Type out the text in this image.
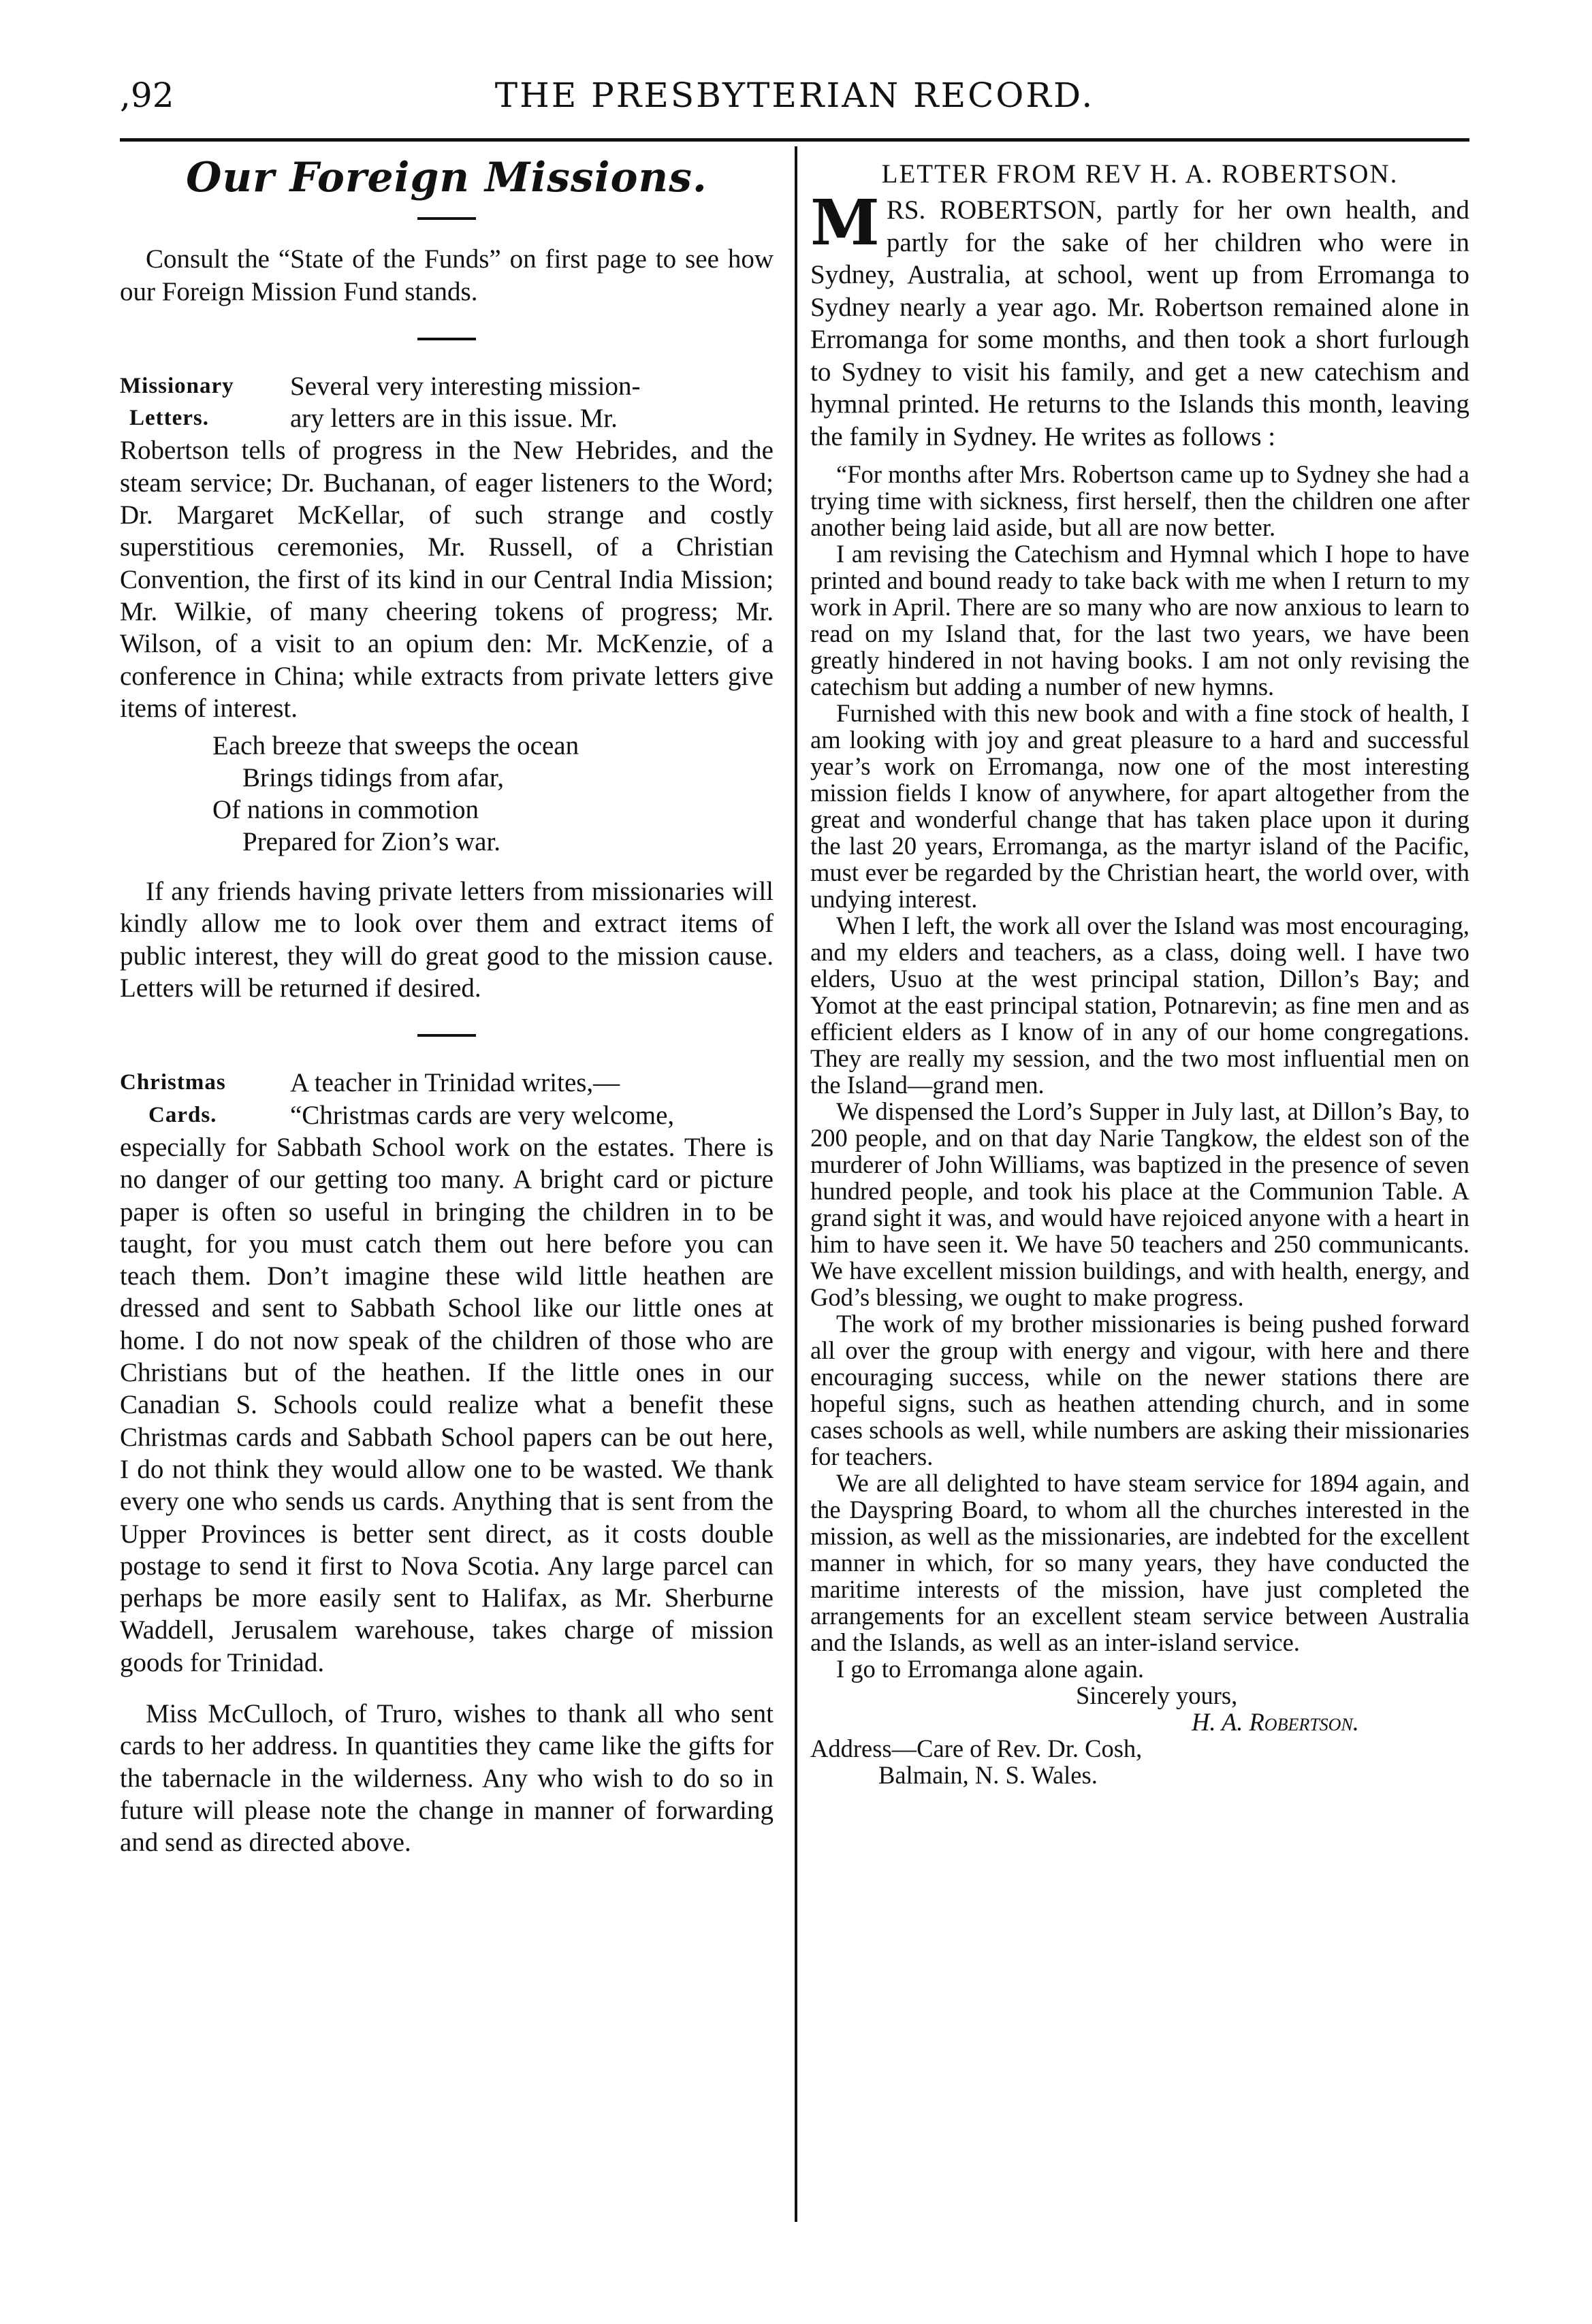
,92	THE PRESBYTERIAN RECORD.
Our Foreign Missions.

Consult the “State of the Funds” on first page to see how our Foreign Mission Fund stands.

Missionary
Letters.
Several very interesting mission-
ary letters are in this issue. Mr.

Robertson tells of progress in the New Hebrides, and the steam service; Dr. Buchanan, of eager listeners to the Word; Dr. Margaret McKellar, of such strange and costly superstitious ceremonies, Mr. Russell, of a Christian Convention, the first of its kind in our Central India Mission; Mr. Wilkie, of many cheering tokens of progress; Mr. Wilson, of a visit to an opium den: Mr. McKenzie, of a conference in China; while extracts from private letters give items of interest.

Each breeze that sweeps the ocean
Brings tidings from afar,
Of nations in commotion
Prepared for Zion’s war.

If any friends having private letters from missionaries will kindly allow me to look over them and extract items of public interest, they will do great good to the mission cause. Letters will be returned if desired.

Christmas
Cards.
A teacher in Trinidad writes,—
“Christmas cards are very welcome,

especially for Sabbath School work on the estates. There is no danger of our getting too many. A bright card or picture paper is often so useful in bringing the children in to be taught, for you must catch them out here before you can teach them. Don’t imagine these wild little heathen are dressed and sent to Sabbath School like our little ones at home. I do not now speak of the children of those who are Christians but of the heathen. If the little ones in our Canadian S. Schools could realize what a benefit these Christmas cards and Sabbath School papers can be out here, I do not think they would allow one to be wasted. We thank every one who sends us cards. Anything that is sent from the Upper Provinces is better sent direct, as it costs double postage to send it first to Nova Scotia. Any large parcel can perhaps be more easily sent to Halifax, as Mr. Sherburne Waddell, Jerusalem warehouse, takes charge of mission goods for Trinidad.

Miss McCulloch, of Truro, wishes to thank all who sent cards to her address. In quantities they came like the gifts for the tabernacle in the wilderness. Any who wish to do so in future will please note the change in manner of forwarding and send as directed above.

LETTER FROM REV H. A. ROBERTSON.
M RS. ROBERTSON, partly for her own health, and partly for the sake of her children who were in Sydney, Australia, at school, went up from Erromanga to Sydney nearly a year ago. Mr. Robertson remained alone in Erromanga for some months, and then took a short furlough to Sydney to visit his family, and get a new catechism and hymnal printed. He returns to the Islands this month, leaving the family in Sydney. He writes as follows :

“For months after Mrs. Robertson came up to Sydney she had a trying time with sickness, first herself, then the children one after another being laid aside, but all are now better.

I am revising the Catechism and Hymnal which I hope to have printed and bound ready to take back with me when I return to my work in April. There are so many who are now anxious to learn to read on my Island that, for the last two years, we have been greatly hindered in not having books. I am not only revising the catechism but adding a number of new hymns.

Furnished with this new book and with a fine stock of health, I am looking with joy and great pleasure to a hard and successful year’s work on Erromanga, now one of the most interesting mission fields I know of anywhere, for apart altogether from the great and wonderful change that has taken place upon it during the last 20 years, Erromanga, as the martyr island of the Pacific, must ever be regarded by the Christian heart, the world over, with undying interest.

When I left, the work all over the Island was most encouraging, and my elders and teachers, as a class, doing well. I have two elders, Usuo at the west principal station, Dillon’s Bay; and Yomot at the east principal station, Potnarevin; as fine men and as efficient elders as I know of in any of our home congregations. They are really my session, and the two most influential men on the Island—grand men.

We dispensed the Lord’s Supper in July last, at Dillon’s Bay, to 200 people, and on that day Narie Tangkow, the eldest son of the murderer of John Williams, was baptized in the presence of seven hundred people, and took his place at the Communion Table. A grand sight it was, and would have rejoiced anyone with a heart in him to have seen it. We have 50 teachers and 250 communicants. We have excellent mission buildings, and with health, energy, and God’s blessing, we ought to make progress.

The work of my brother missionaries is being pushed forward all over the group with energy and vigour, with here and there encouraging success, while on the newer stations there are hopeful signs, such as heathen attending church, and in some cases schools as well, while numbers are asking their missionaries for teachers.

We are all delighted to have steam service for 1894 again, and the Dayspring Board, to whom all the churches interested in the mission, as well as the missionaries, are indebted for the excellent manner in which, for so many years, they have conducted the maritime interests of the mission, have just completed the arrangements for an excellent steam service between Australia and the Islands, as well as an inter-island service.

I go to Erromanga alone again.

Sincerely yours,

H. A. Robertson.

Address—Care of Rev. Dr. Cosh,

Balmain, N. S. Wales.
